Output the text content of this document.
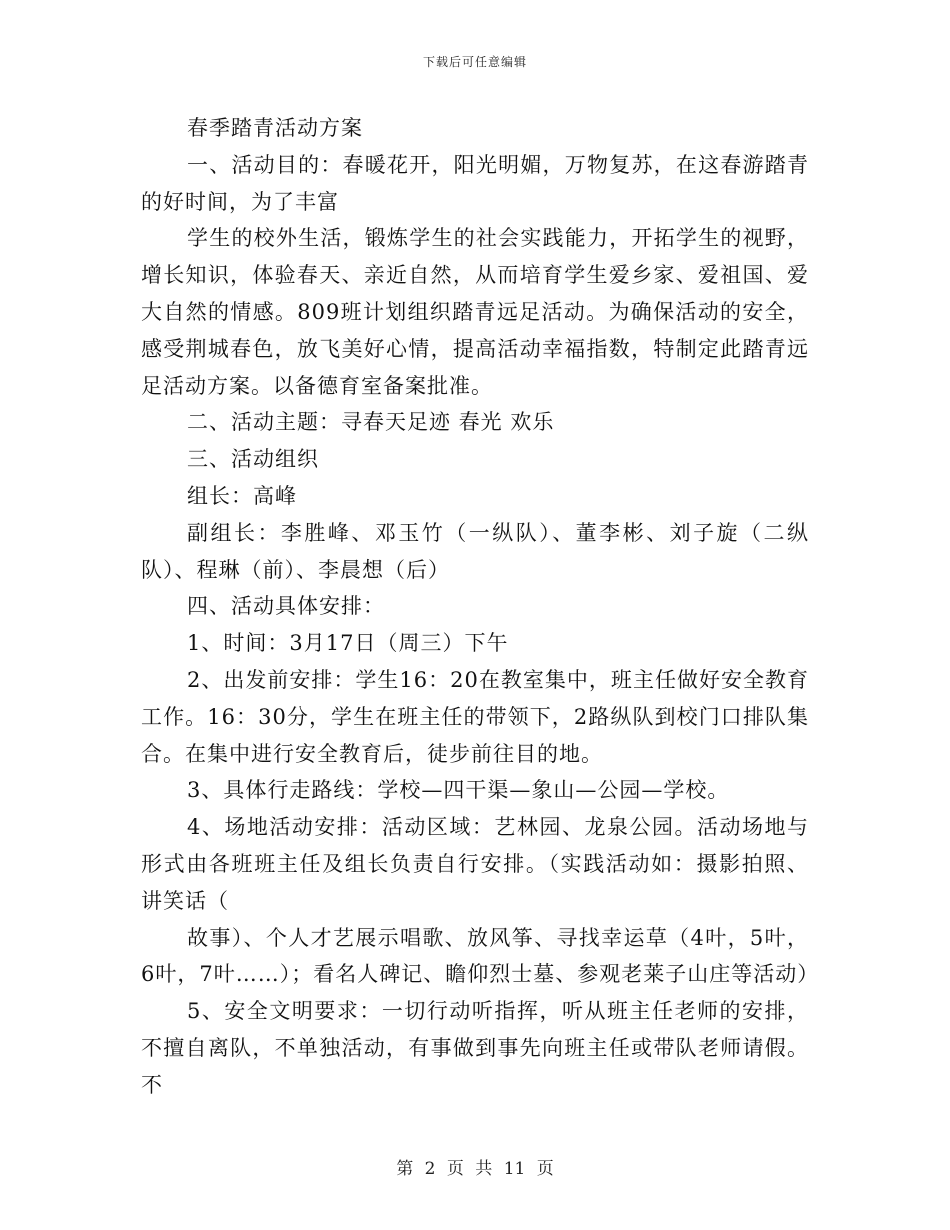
下载后可任意编辑

春季踏青活动方案

一、活动目的：春暖花开，阳光明媚，万物复苏，在这春游踏青的好时间，为了丰富

学生的校外生活，锻炼学生的社会实践能力，开拓学生的视野，增长知识，体验春天、亲近自然，从而培育学生爱乡家、爱祖国、爱大自然的情感。809班计划组织踏青远足活动。为确保活动的安全，感受荆城春色，放飞美好心情，提高活动幸福指数，特制定此踏青远足活动方案。以备德育室备案批准。

二、活动主题：寻春天足迹 春光 欢乐

三、活动组织

组长：高峰

副组长：李胜峰、邓玉竹（一纵队）、董李彬、刘子旋（二纵队）、程琳（前）、李晨想（后）

四、活动具体安排：

1、时间：3月17日（周三）下午

2、出发前安排：学生16：20在教室集中，班主任做好安全教育工作。16：30分，学生在班主任的带领下，2路纵队到校门口排队集合。在集中进行安全教育后，徒步前往目的地。

3、具体行走路线：学校—四干渠—象山—公园—学校。

4、场地活动安排：活动区域：艺林园、龙泉公园。活动场地与形式由各班班主任及组长负责自行安排。（实践活动如：摄影拍照、讲笑话（

故事）、个人才艺展示唱歌、放风筝、寻找幸运草（4叶，5叶，6叶，7叶……）；看名人碑记、瞻仰烈士墓、参观老莱子山庄等活动）

5、安全文明要求：一切行动听指挥，听从班主任老师的安排，不擅自离队，不单独活动，有事做到事先向班主任或带队老师请假。不

第 2 页 共 11 页
